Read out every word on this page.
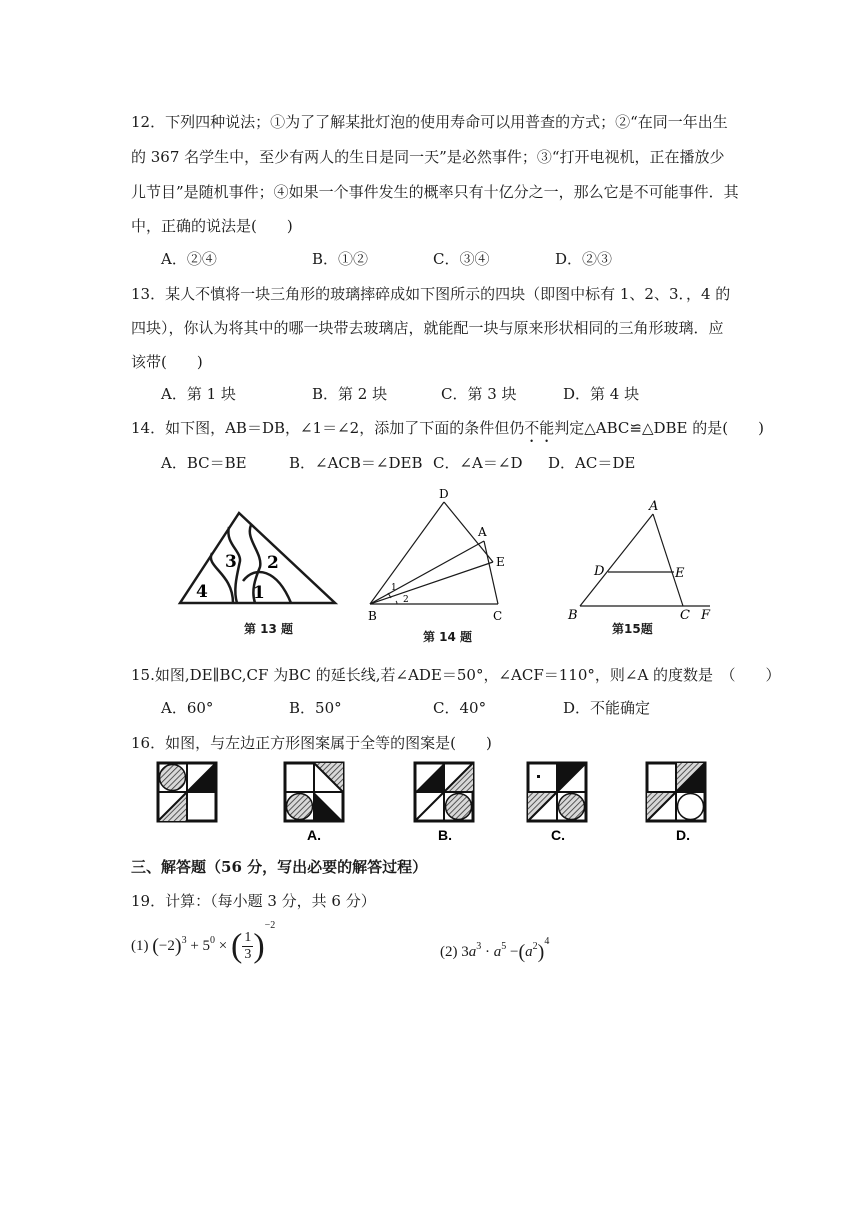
12．下列四种说法；①为了了解某批灯泡的使用寿命可以用普查的方式；②“在同一年出生
的 367 名学生中，至少有两人的生日是同一天”是必然事件；③“打开电视机，正在播放少
儿节目”是随机事件；④如果一个事件发生的概率只有十亿分之一，那么它是不可能事件．其
中，正确的说法是(　　)
A．②④	B．①②	C．③④	D．②③
13．某人不慎将一块三角形的玻璃摔碎成如下图所示的四块（即图中标有 1、2、3．，4 的
四块），你认为将其中的哪一块带去玻璃店，就能配一块与原来形状相同的三角形玻璃．应
该带(　　)
A．第 1 块	B．第 2 块	C．第 3 块	D．第 4 块
14．如下图，AB＝DB，∠1＝∠2，添加了下面的条件但仍不能判定△ABC≌△DBE 的是(　　)
A．BC＝BE	B．∠ACB＝∠DEB C．∠A＝∠D D．AC＝DE
3 2
4	1
第 13 题
D
A
E
B	C
1
2
第 14 题
A
D	E
B	C F
第15题
15.如图,DE∥BC,CF 为BC 的延长线,若∠ADE＝50°，∠ACF＝110°，则∠A 的度数是　（　　）
A．60°	B．50°	C．40°	D．不能确定
16．如图，与左边正方形图案属于全等的图案是(　　)
A.	B.	C.	D.
三、解答题（56 分，写出必要的解答过程）
19．计算：（每小题 3 分，共 6 分）
(1) $(-2)^3 + 5^0$ × ( $\frac{1}{3} )^{-2}$
(2) $3a^3 \cdot a^5 -(a^2)^4$
